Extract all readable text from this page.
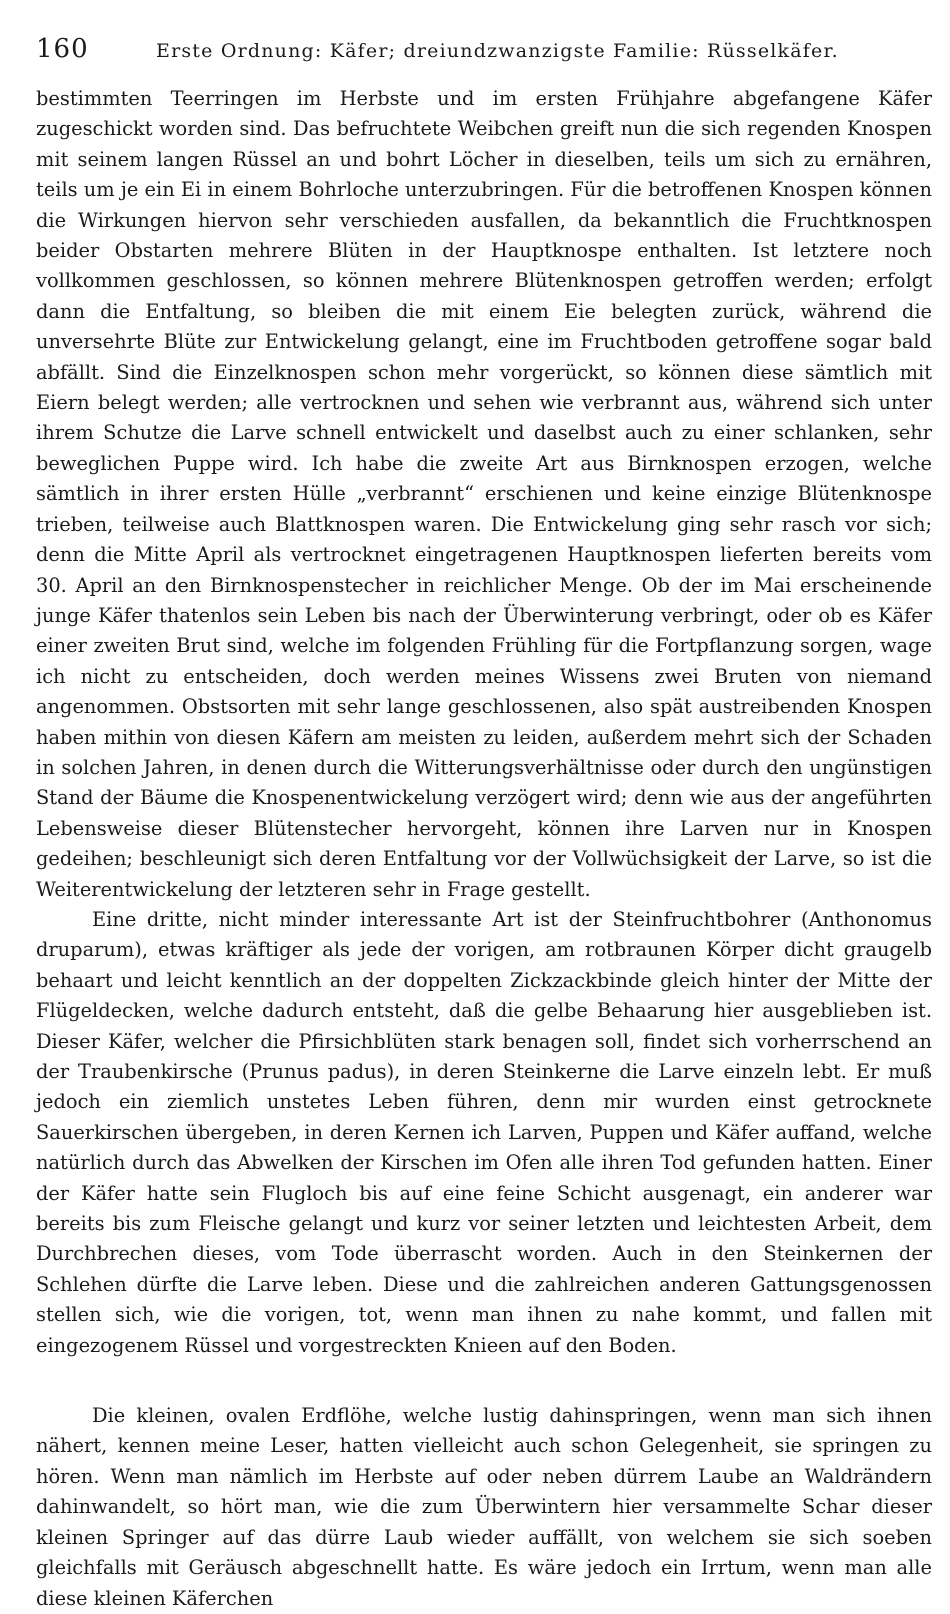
160	Erste Ordnung: Käfer; dreiundzwanzigste Familie: Rüsselkäfer.

bestimmten Teerringen im Herbste und im ersten Frühjahre abgefangene Käfer zugeschickt worden sind. Das befruchtete Weibchen greift nun die sich regenden Knospen mit seinem langen Rüssel an und bohrt Löcher in dieselben, teils um sich zu ernähren, teils um je ein Ei in einem Bohrloche unterzubringen. Für die betroffenen Knospen können die Wirkungen hiervon sehr verschieden ausfallen, da bekanntlich die Fruchtknospen beider Obstarten mehrere Blüten in der Hauptknospe enthalten. Ist letztere noch vollkommen geschlossen, so können mehrere Blütenknospen getroffen werden; erfolgt dann die Entfaltung, so bleiben die mit einem Eie belegten zurück, während die unversehrte Blüte zur Entwickelung gelangt, eine im Fruchtboden getroffene sogar bald abfällt. Sind die Einzelknospen schon mehr vorgerückt, so können diese sämtlich mit Eiern belegt werden; alle vertrocknen und sehen wie verbrannt aus, während sich unter ihrem Schutze die Larve schnell entwickelt und daselbst auch zu einer schlanken, sehr beweglichen Puppe wird. Ich habe die zweite Art aus Birnknospen erzogen, welche sämtlich in ihrer ersten Hülle „verbrannt“ erschienen und keine einzige Blütenknospe trieben, teilweise auch Blattknospen waren. Die Entwickelung ging sehr rasch vor sich; denn die Mitte April als vertrocknet eingetragenen Hauptknospen lieferten bereits vom 30. April an den Birnknospenstecher in reichlicher Menge. Ob der im Mai erscheinende junge Käfer thatenlos sein Leben bis nach der Überwinterung verbringt, oder ob es Käfer einer zweiten Brut sind, welche im folgenden Frühling für die Fortpflanzung sorgen, wage ich nicht zu entscheiden, doch werden meines Wissens zwei Bruten von niemand angenommen. Obstsorten mit sehr lange geschlossenen, also spät austreibenden Knospen haben mithin von diesen Käfern am meisten zu leiden, außerdem mehrt sich der Schaden in solchen Jahren, in denen durch die Witterungsverhältnisse oder durch den ungünstigen Stand der Bäume die Knospenentwickelung verzögert wird; denn wie aus der angeführten Lebensweise dieser Blütenstecher hervorgeht, können ihre Larven nur in Knospen gedeihen; beschleunigt sich deren Entfaltung vor der Vollwüchsigkeit der Larve, so ist die Weiterentwickelung der letzteren sehr in Frage gestellt.

Eine dritte, nicht minder interessante Art ist der Steinfruchtbohrer (Anthonomus druparum), etwas kräftiger als jede der vorigen, am rotbraunen Körper dicht graugelb behaart und leicht kenntlich an der doppelten Zickzackbinde gleich hinter der Mitte der Flügeldecken, welche dadurch entsteht, daß die gelbe Behaarung hier ausgeblieben ist. Dieser Käfer, welcher die Pfirsichblüten stark benagen soll, findet sich vorherrschend an der Traubenkirsche (Prunus padus), in deren Steinkerne die Larve einzeln lebt. Er muß jedoch ein ziemlich unstetes Leben führen, denn mir wurden einst getrocknete Sauerkirschen übergeben, in deren Kernen ich Larven, Puppen und Käfer auffand, welche natürlich durch das Abwelken der Kirschen im Ofen alle ihren Tod gefunden hatten. Einer der Käfer hatte sein Flugloch bis auf eine feine Schicht ausgenagt, ein anderer war bereits bis zum Fleische gelangt und kurz vor seiner letzten und leichtesten Arbeit, dem Durchbrechen dieses, vom Tode überrascht worden. Auch in den Steinkernen der Schlehen dürfte die Larve leben. Diese und die zahlreichen anderen Gattungsgenossen stellen sich, wie die vorigen, tot, wenn man ihnen zu nahe kommt, und fallen mit eingezogenem Rüssel und vorgestreckten Knieen auf den Boden.

Die kleinen, ovalen Erdflöhe, welche lustig dahinspringen, wenn man sich ihnen nähert, kennen meine Leser, hatten vielleicht auch schon Gelegenheit, sie springen zu hören. Wenn man nämlich im Herbste auf oder neben dürrem Laube an Waldrändern dahinwandelt, so hört man, wie die zum Überwintern hier versammelte Schar dieser kleinen Springer auf das dürre Laub wieder auffällt, von welchem sie sich soeben gleichfalls mit Geräusch abgeschnellt hatte. Es wäre jedoch ein Irrtum, wenn man alle diese kleinen Käferchen
